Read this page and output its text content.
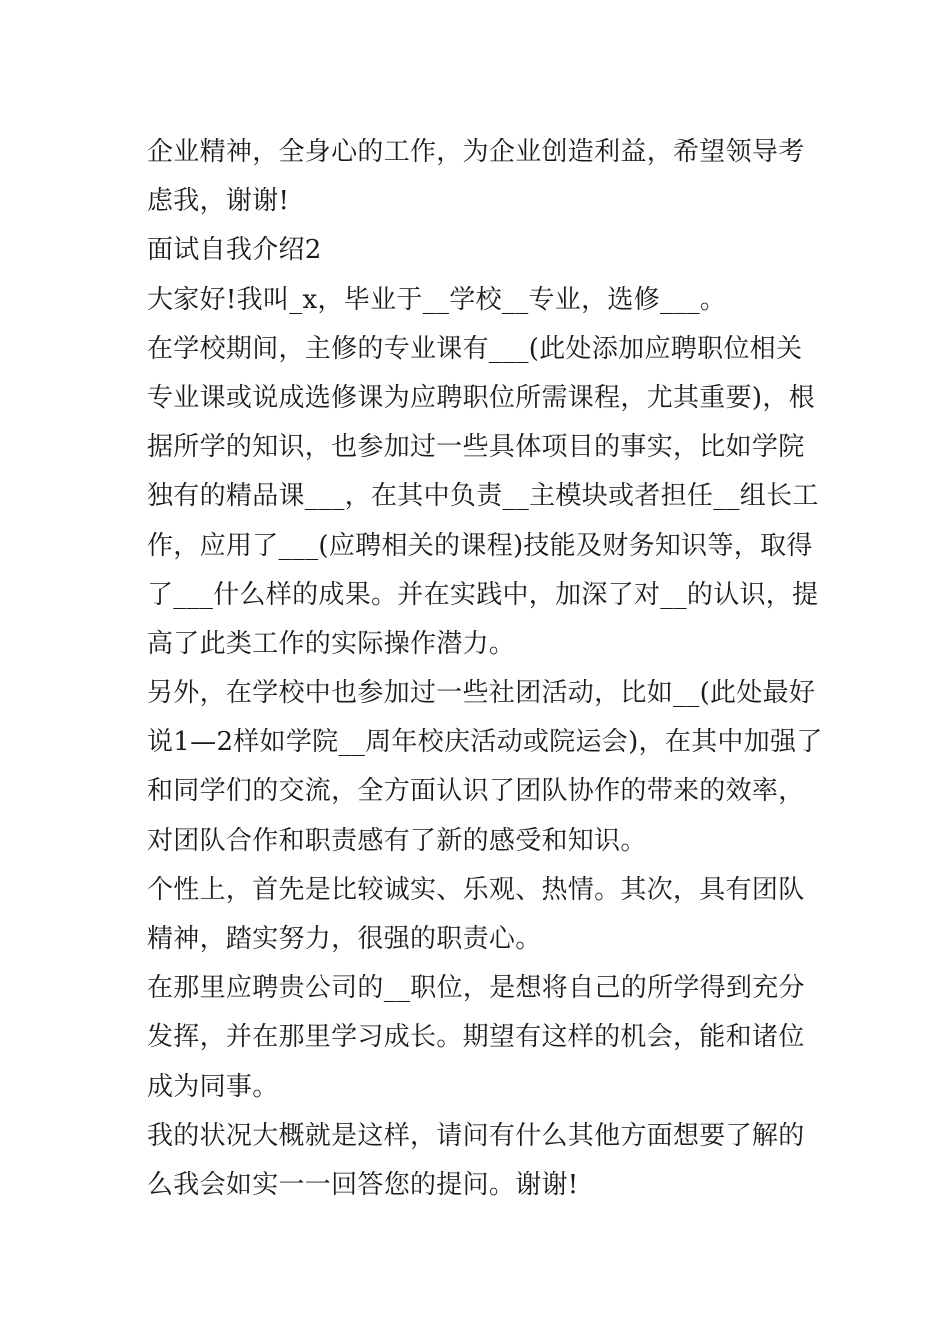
企业精神，全身心的工作，为企业创造利益，希望领导考
虑我，谢谢!
面试自我介绍2
大家好!我叫_x，毕业于__学校__专业，选修___。
在学校期间，主修的专业课有___(此处添加应聘职位相关
专业课或说成选修课为应聘职位所需课程，尤其重要)，根
据所学的知识，也参加过一些具体项目的事实，比如学院
独有的精品课___，在其中负责__主模块或者担任__组长工
作，应用了___(应聘相关的课程)技能及财务知识等，取得
了___什么样的成果。并在实践中，加深了对__的认识，提
高了此类工作的实际操作潜力。
另外，在学校中也参加过一些社团活动，比如__(此处最好
说1—2样如学院__周年校庆活动或院运会)，在其中加强了
和同学们的交流，全方面认识了团队协作的带来的效率，
对团队合作和职责感有了新的感受和知识。
个性上，首先是比较诚实、乐观、热情。其次，具有团队
精神，踏实努力，很强的职责心。
在那里应聘贵公司的__职位，是想将自己的所学得到充分
发挥，并在那里学习成长。期望有这样的机会，能和诸位
成为同事。
我的状况大概就是这样，请问有什么其他方面想要了解的
么我会如实一一回答您的提问。谢谢!
